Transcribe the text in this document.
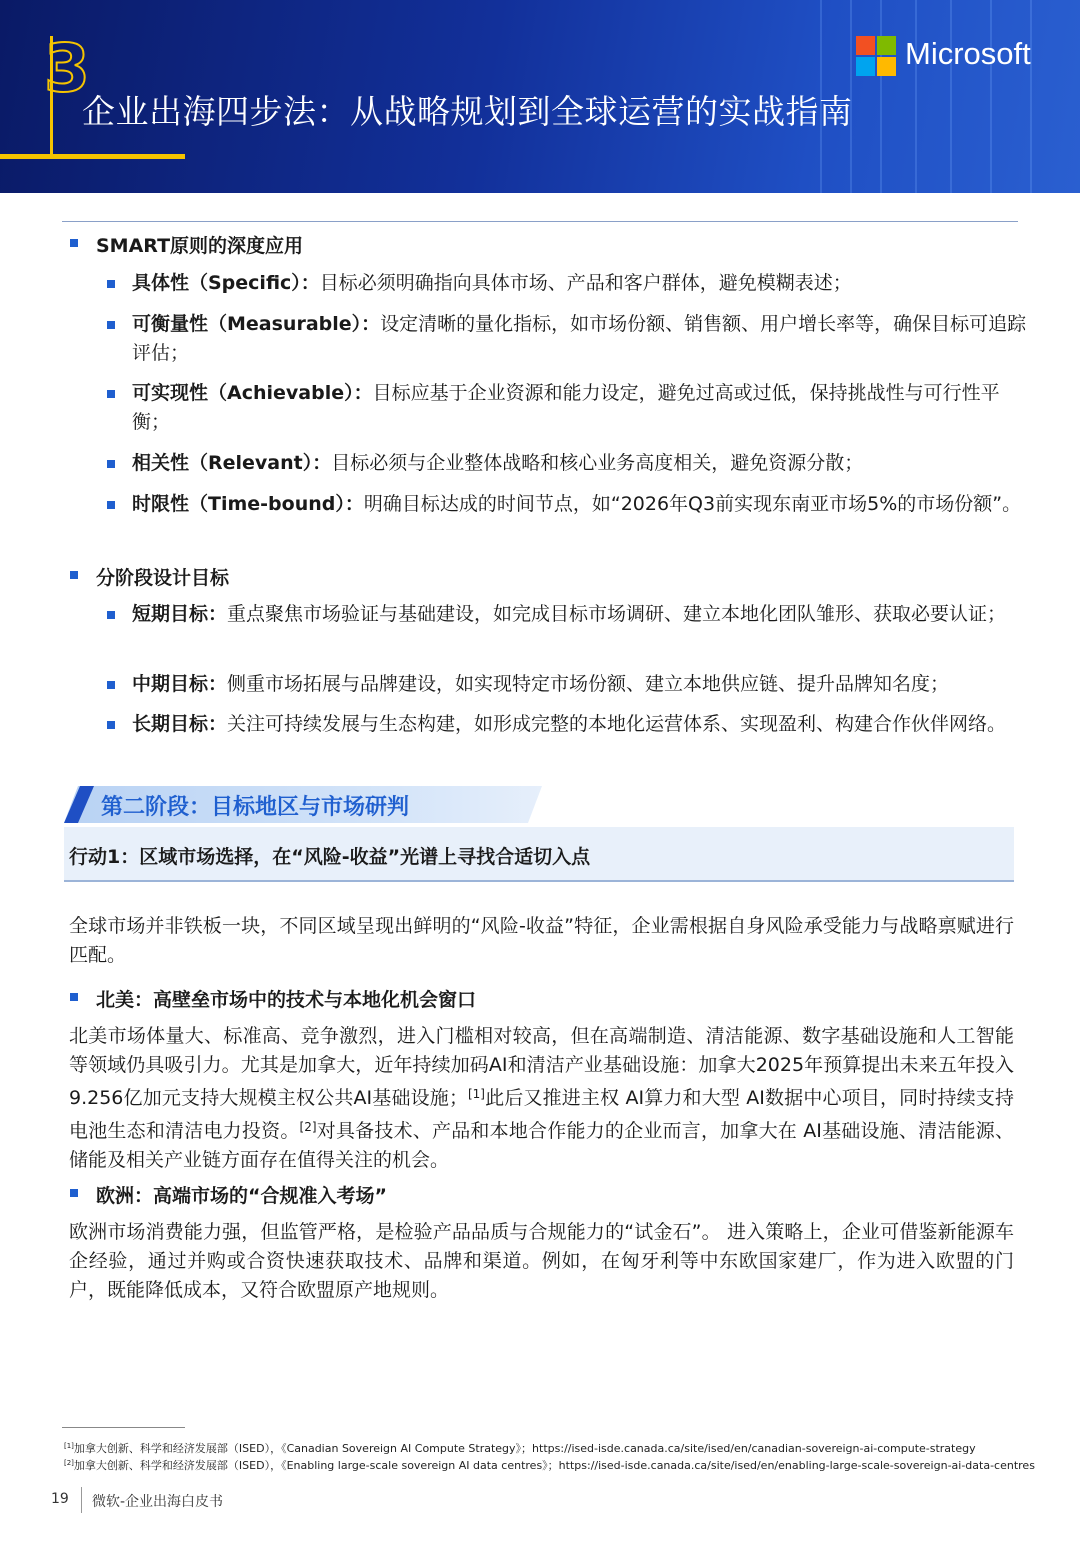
3
企业出海四步法：从战略规划到全球运营的实战指南
Microsoft
SMART原则的深度应用
具体性（Specific）：目标必须明确指向具体市场、产品和客户群体，避免模糊表述；
可衡量性（Measurable）：设定清晰的量化指标，如市场份额、销售额、用户增长率等，确保目标可追踪评估；
可实现性（Achievable）：目标应基于企业资源和能力设定，避免过高或过低，保持挑战性与可行性平衡；
相关性（Relevant）：目标必须与企业整体战略和核心业务高度相关，避免资源分散；
时限性（Time-bound）：明确目标达成的时间节点，如“2026年Q3前实现东南亚市场5%的市场份额”。
分阶段设计目标
短期目标：重点聚焦市场验证与基础建设，如完成目标市场调研、建立本地化团队雏形、获取必要认证；
中期目标：侧重市场拓展与品牌建设，如实现特定市场份额、建立本地供应链、提升品牌知名度；
长期目标：关注可持续发展与生态构建，如形成完整的本地化运营体系、实现盈利、构建合作伙伴网络。
第二阶段：目标地区与市场研判
行动1：区域市场选择，在“风险-收益”光谱上寻找合适切入点
全球市场并非铁板一块，不同区域呈现出鲜明的“风险-收益”特征，企业需根据自身风险承受能力与战略禀赋进行匹配。
北美：高壁垒市场中的技术与本地化机会窗口
北美市场体量大、标准高、竞争激烈，进入门槛相对较高，但在高端制造、清洁能源、数字基础设施和人工智能等领域仍具吸引力。尤其是加拿大，近年持续加码AI和清洁产业基础设施：加拿大2025年预算提出未来五年投入9.256亿加元支持大规模主权公共AI基础设施；[1]此后又推进主权 AI算力和大型 AI数据中心项目，同时持续支持电池生态和清洁电力投资。[2]对具备技术、产品和本地合作能力的企业而言，加拿大在 AI基础设施、清洁能源、储能及相关产业链方面存在值得关注的机会。
欧洲：高端市场的“合规准入考场”
欧洲市场消费能力强，但监管严格，是检验产品品质与合规能力的“试金石”。 进入策略上，企业可借鉴新能源车企经验，通过并购或合资快速获取技术、品牌和渠道。例如，在匈牙利等中东欧国家建厂，作为进入欧盟的门户，既能降低成本，又符合欧盟原产地规则。
[1]加拿大创新、科学和经济发展部（ISED），《Canadian Sovereign AI Compute Strategy》；https://ised-isde.canada.ca/site/ised/en/canadian-sovereign-ai-compute-strategy
[2]加拿大创新、科学和经济发展部（ISED），《Enabling large-scale sovereign AI data centres》；https://ised-isde.canada.ca/site/ised/en/enabling-large-scale-sovereign-ai-data-centres
19 微软-企业出海白皮书
